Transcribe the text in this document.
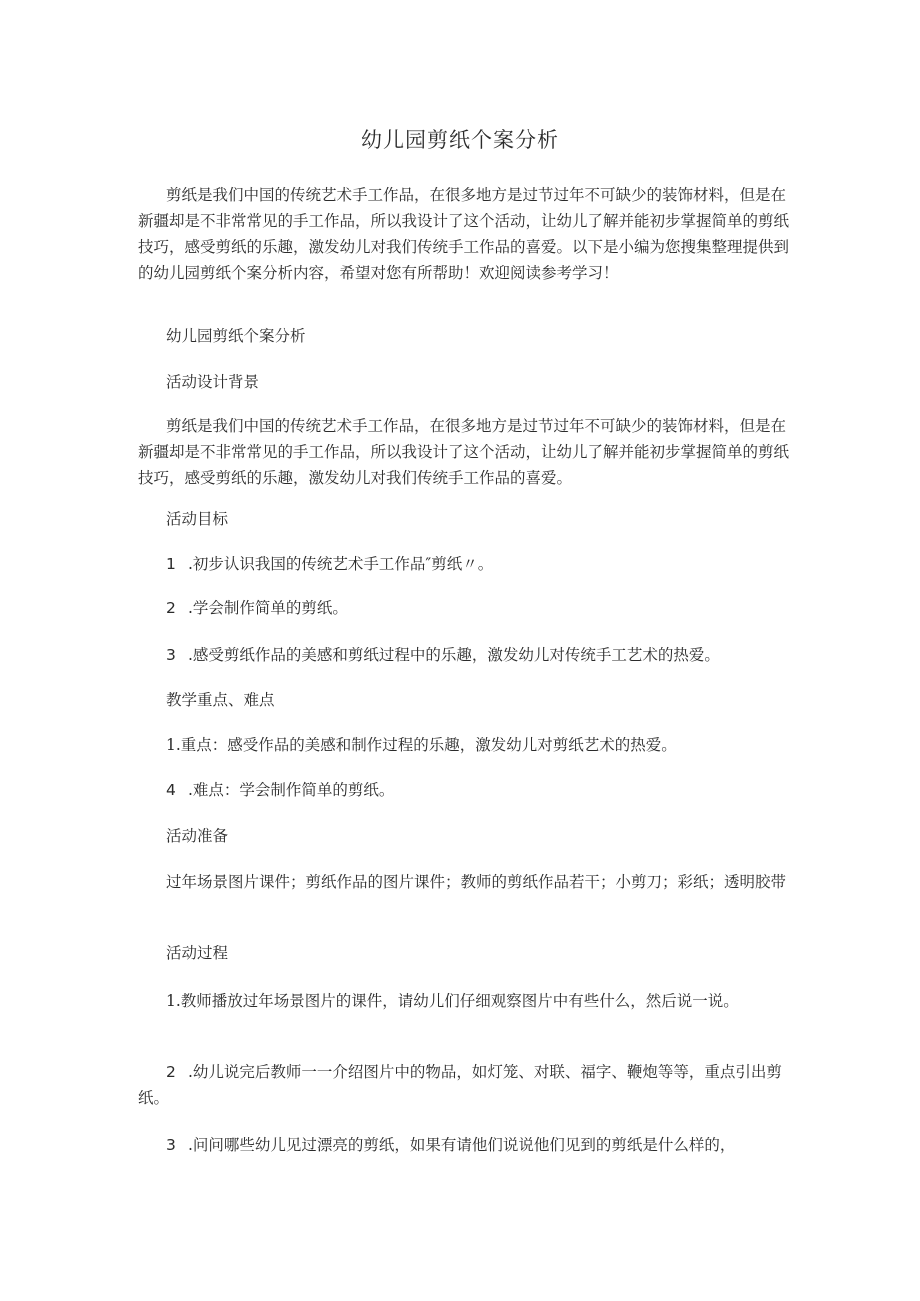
幼儿园剪纸个案分析

剪纸是我们中国的传统艺术手工作品，在很多地方是过节过年不可缺少的装饰材料，但是在新疆却是不非常常见的手工作品，所以我设计了这个活动，让幼儿了解并能初步掌握简单的剪纸技巧，感受剪纸的乐趣，激发幼儿对我们传统手工作品的喜爱。以下是小编为您搜集整理提供到的幼儿园剪纸个案分析内容，希望对您有所帮助！欢迎阅读参考学习！

幼儿园剪纸个案分析

活动设计背景

剪纸是我们中国的传统艺术手工作品，在很多地方是过节过年不可缺少的装饰材料，但是在新疆却是不非常常见的手工作品，所以我设计了这个活动，让幼儿了解并能初步掌握简单的剪纸技巧，感受剪纸的乐趣，激发幼儿对我们传统手工作品的喜爱。

活动目标

1 .初步认识我国的传统艺术手工作品″剪纸〃。

2 .学会制作简单的剪纸。

3 .感受剪纸作品的美感和剪纸过程中的乐趣，激发幼儿对传统手工艺术的热爱。

教学重点、难点

1.重点：感受作品的美感和制作过程的乐趣，激发幼儿对剪纸艺术的热爱。

4 .难点：学会制作简单的剪纸。

活动准备

过年场景图片课件；剪纸作品的图片课件；教师的剪纸作品若干；小剪刀；彩纸；透明胶带

活动过程

1.教师播放过年场景图片的课件，请幼儿们仔细观察图片中有些什么，然后说一说。

2 .幼儿说完后教师一一介绍图片中的物品，如灯笼、对联、福字、鞭炮等等，重点引出剪纸。

3 .问问哪些幼儿见过漂亮的剪纸，如果有请他们说说他们见到的剪纸是什么样的，
